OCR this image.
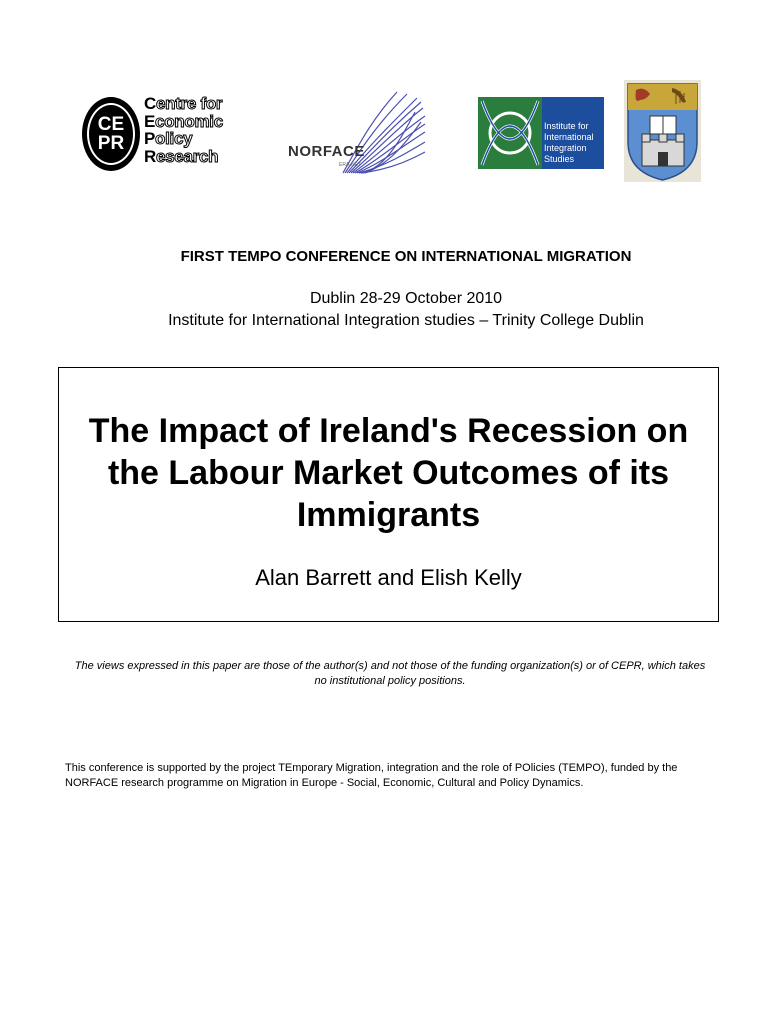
CE
PR
Centre for
Economic
Policy
Research	NORFACE
ERA-NET
Institute for
International
Integration
Studies
FIRST TEMPO CONFERENCE ON INTERNATIONAL MIGRATION
Dublin 28-29 October 2010
Institute for International Integration studies – Trinity College Dublin
The Impact of Ireland's Recession on the Labour Market Outcomes of its Immigrants
Alan Barrett and Elish Kelly
The views expressed in this paper are those of the author(s) and not those of the funding organization(s) or of CEPR, which takes no institutional policy positions.
This conference is supported by the project TEmporary Migration, integration and the role of POlicies (TEMPO), funded by the NORFACE research programme on Migration in Europe - Social, Economic, Cultural and Policy Dynamics.
